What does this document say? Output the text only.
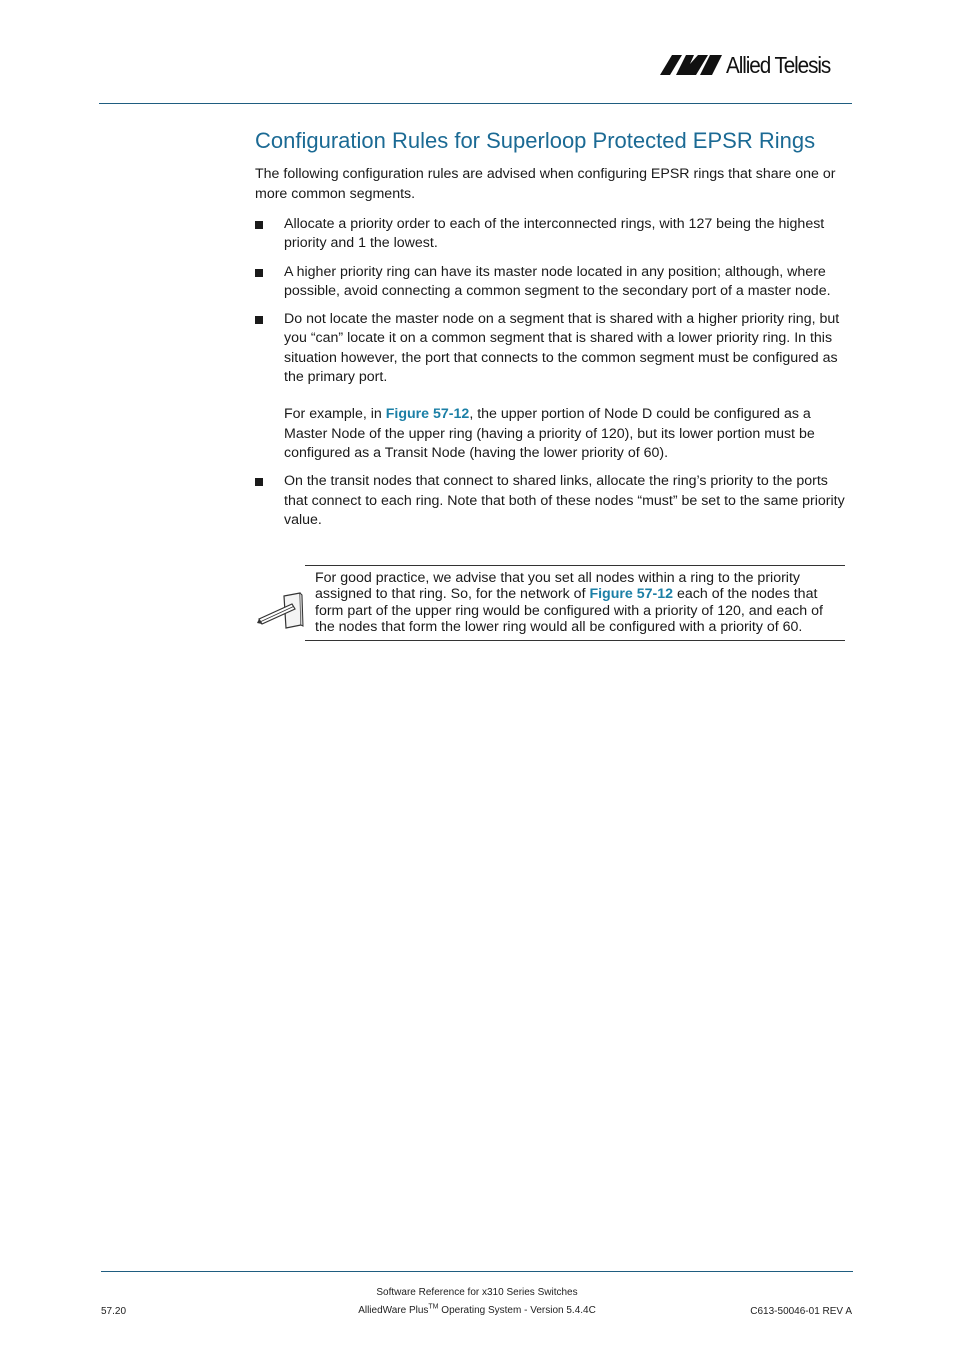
Allied Telesis
Configuration Rules for Superloop Protected EPSR Rings

The following configuration rules are advised when configuring EPSR rings that share one or more common segments.

Allocate a priority order to each of the interconnected rings, with 127 being the highest priority and 1 the lowest.

A higher priority ring can have its master node located in any position; although, where possible, avoid connecting a common segment to the secondary port of a master node.

Do not locate the master node on a segment that is shared with a higher priority ring, but you “can” locate it on a common segment that is shared with a lower priority ring. In this situation however, the port that connects to the common segment must be configured as the primary port.

For example, in Figure 57-12, the upper portion of Node D could be configured as a Master Node of the upper ring (having a priority of 120), but its lower portion must be configured as a Transit Node (having the lower priority of 60).

On the transit nodes that connect to shared links, allocate the ring’s priority to the ports that connect to each ring. Note that both of these nodes “must” be set to the same priority value.

For good practice, we advise that you set all nodes within a ring to the priority assigned to that ring. So, for the network of Figure 57-12 each of the nodes that form part of the upper ring would be configured with a priority of 120, and each of the nodes that form the lower ring would all be configured with a priority of 60.

Software Reference for x310 Series Switches
AlliedWare Plus™ Operating System - Version 5.4.4C
57.20	C613-50046-01 REV A
